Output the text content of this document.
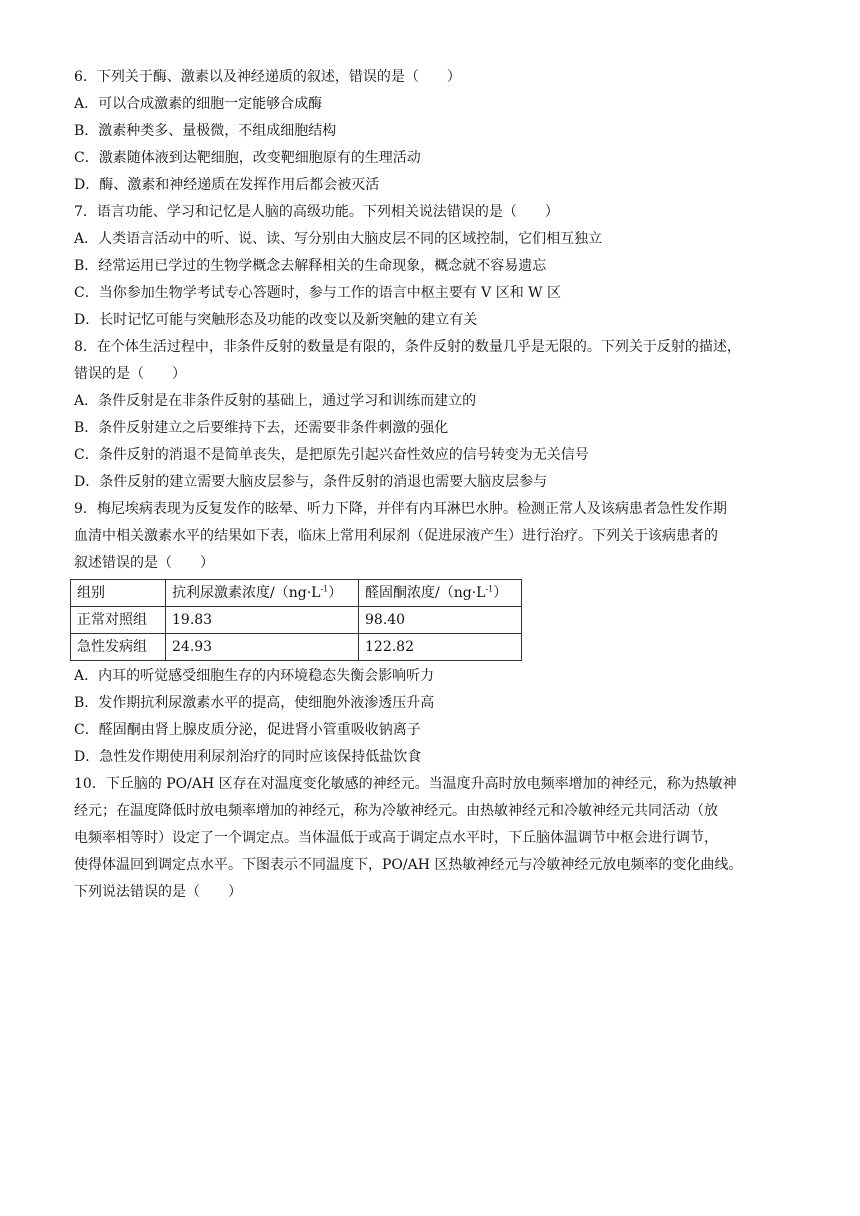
6．下列关于酶、激素以及神经递质的叙述，错误的是（　　）
A．可以合成激素的细胞一定能够合成酶
B．激素种类多、量极微，不组成细胞结构
C．激素随体液到达靶细胞，改变靶细胞原有的生理活动
D．酶、激素和神经递质在发挥作用后都会被灭活
7．语言功能、学习和记忆是人脑的高级功能。下列相关说法错误的是（　　）
A．人类语言活动中的听、说、读、写分别由大脑皮层不同的区域控制，它们相互独立
B．经常运用已学过的生物学概念去解释相关的生命现象，概念就不容易遗忘
C．当你参加生物学考试专心答题时，参与工作的语言中枢主要有 V 区和 W 区
D．长时记忆可能与突触形态及功能的改变以及新突触的建立有关
8．在个体生活过程中，非条件反射的数量是有限的，条件反射的数量几乎是无限的。下列关于反射的描述，
错误的是（　　）
A．条件反射是在非条件反射的基础上，通过学习和训练而建立的
B．条件反射建立之后要维持下去，还需要非条件刺激的强化
C．条件反射的消退不是简单丧失，是把原先引起兴奋性效应的信号转变为无关信号
D．条件反射的建立需要大脑皮层参与，条件反射的消退也需要大脑皮层参与
9．梅尼埃病表现为反复发作的眩晕、听力下降，并伴有内耳淋巴水肿。检测正常人及该病患者急性发作期
血清中相关激素水平的结果如下表，临床上常用利尿剂（促进尿液产生）进行治疗。下列关于该病患者的
叙述错误的是（　　）
组别	抗利尿激素浓度$/(ng\cdot L^{-1})$	醛固酮浓度$/(ng\cdot L^{-1})$
正常对照组	19.83	98.40
急性发病组	24.93	122.82
A．内耳的听觉感受细胞生存的内环境稳态失衡会影响听力
B．发作期抗利尿激素水平的提高，使细胞外液渗透压升高
C．醛固酮由肾上腺皮质分泌，促进肾小管重吸收钠离子
D．急性发作期使用利尿剂治疗的同时应该保持低盐饮食
10．下丘脑的 PO/AH 区存在对温度变化敏感的神经元。当温度升高时放电频率增加的神经元，称为热敏神
经元；在温度降低时放电频率增加的神经元，称为冷敏神经元。由热敏神经元和冷敏神经元共同活动（放
电频率相等时）设定了一个调定点。当体温低于或高于调定点水平时，下丘脑体温调节中枢会进行调节，
使得体温回到调定点水平。下图表示不同温度下，PO/AH 区热敏神经元与冷敏神经元放电频率的变化曲线。
下列说法错误的是（　　）
